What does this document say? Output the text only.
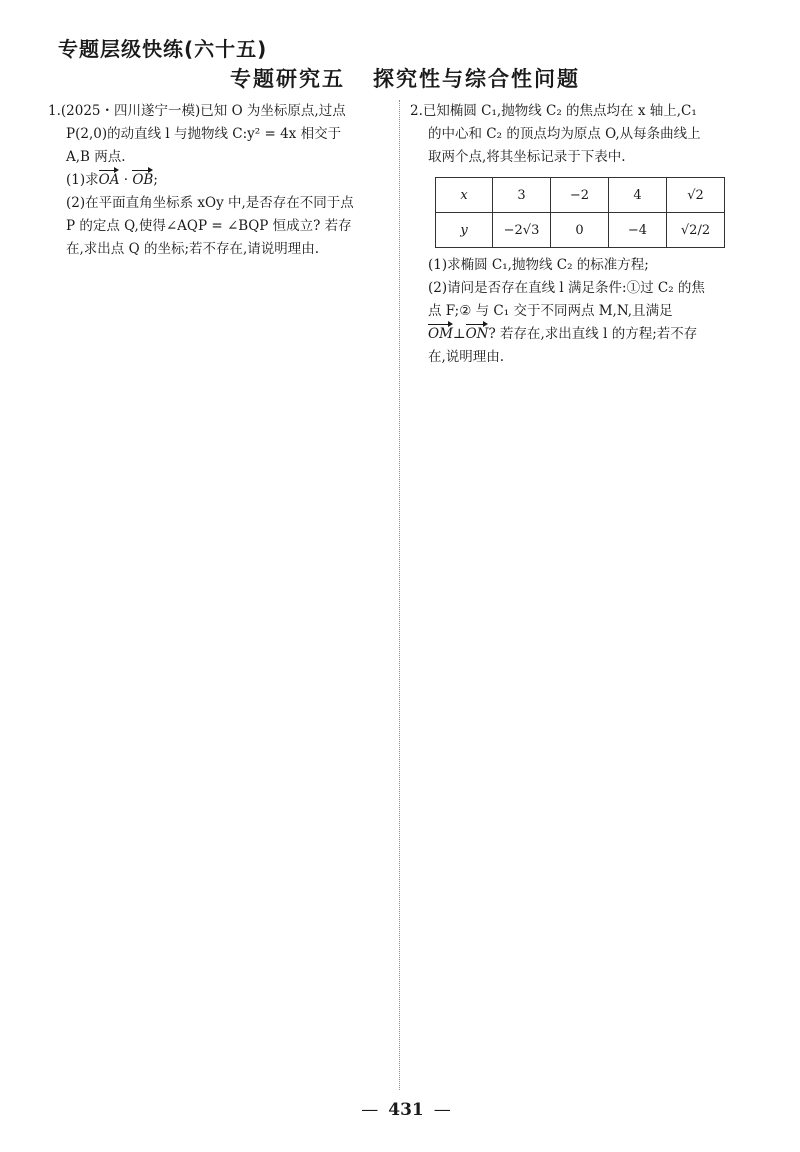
专题层级快练(六十五)
专题研究五 探究性与综合性问题

1.(2025・四川遂宁一模)已知 O 为坐标原点,过点

P(2,0)的动直线 l 与抛物线 C:y² = 4x 相交于

A,B 两点.

(1)求OA · OB;

(2)在平面直角坐标系 xOy 中,是否存在不同于点

P 的定点 Q,使得∠AQP = ∠BQP 恒成立? 若存

在,求出点 Q 的坐标;若不存在,请说明理由.

2.已知椭圆 C₁,抛物线 C₂ 的焦点均在 x 轴上,C₁

的中心和 C₂ 的顶点均为原点 O,从每条曲线上

取两个点,将其坐标记录于下表中.

x	3	−2	4	√2
y	−2√3	0	−4	√2/2

(1)求椭圆 C₁,抛物线 C₂ 的标准方程;

(2)请问是否存在直线 l 满足条件:①过 C₂ 的焦

点 F;② 与 C₁ 交于不同两点 M,N,且满足

OM⊥ON? 若存在,求出直线 l 的方程;若不存

在,说明理由.

— 431 —
